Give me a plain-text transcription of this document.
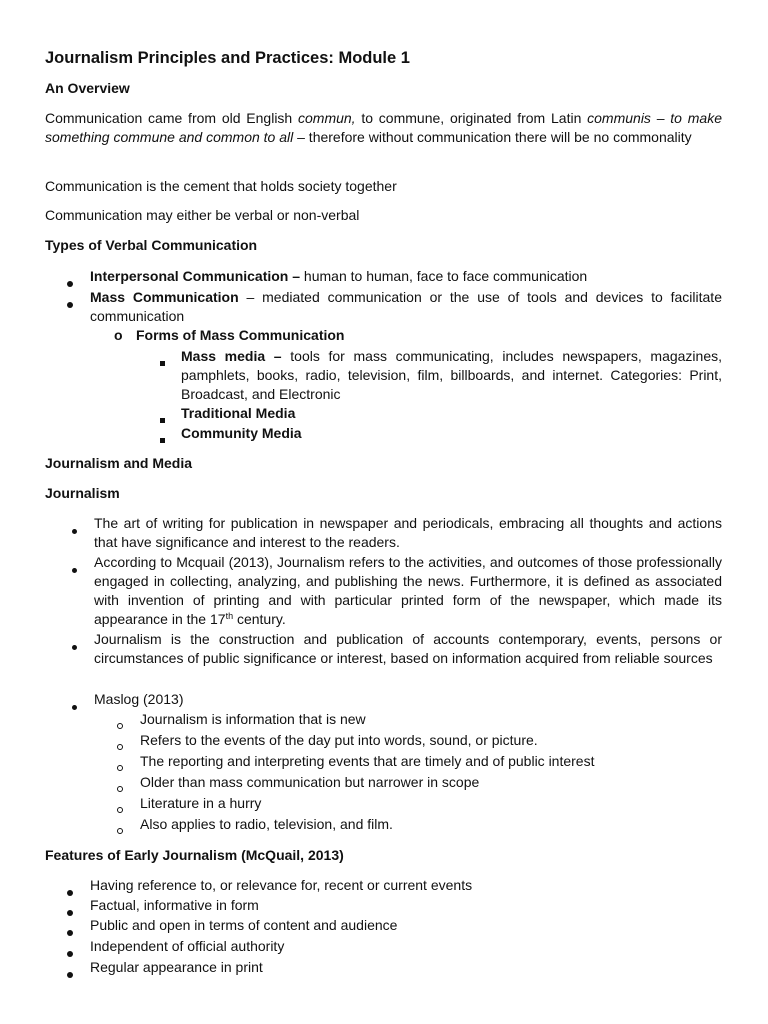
Journalism Principles and Practices: Module 1
An Overview
Communication came from old English commun, to commune, originated from Latin communis – to make something commune and common to all – therefore without communication there will be no commonality
Communication is the cement that holds society together
Communication may either be verbal or non-verbal
Types of Verbal Communication
Interpersonal Communication – human to human, face to face communication
Mass Communication – mediated communication or the use of tools and devices to facilitate communication
o Forms of Mass Communication
Mass media – tools for mass communicating, includes newspapers, magazines, pamphlets, books, radio, television, film, billboards, and internet. Categories: Print, Broadcast, and Electronic
Traditional Media
Community Media
Journalism and Media
Journalism
The art of writing for publication in newspaper and periodicals, embracing all thoughts and actions that have significance and interest to the readers.
According to Mcquail (2013), Journalism refers to the activities, and outcomes of those professionally engaged in collecting, analyzing, and publishing the news. Furthermore, it is defined as associated with invention of printing and with particular printed form of the newspaper, which made its appearance in the 17th century.
Journalism is the construction and publication of accounts contemporary, events, persons or circumstances of public significance or interest, based on information acquired from reliable sources
Maslog (2013)
Journalism is information that is new
Refers to the events of the day put into words, sound, or picture.
The reporting and interpreting events that are timely and of public interest
Older than mass communication but narrower in scope
Literature in a hurry
Also applies to radio, television, and film.
Features of Early Journalism (McQuail, 2013)
Having reference to, or relevance for, recent or current events
Factual, informative in form
Public and open in terms of content and audience
Independent of official authority
Regular appearance in print
